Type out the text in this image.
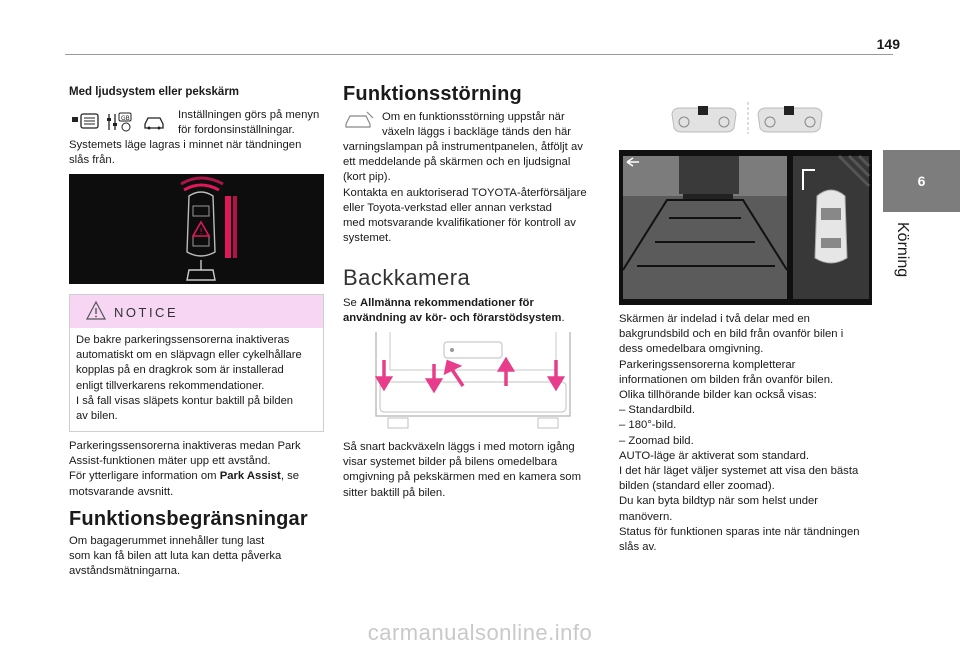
149
6
Körning
Med ljudsystem eller pekskärm
GB	Inställningen görs på menyn
för fordonsinställningar.
Systemets läge lagras i minnet när tändningen
slås från.
!
NOTICE
De bakre parkeringssensorerna inaktiveras
automatiskt om en släpvagn eller cykelhållare
kopplas på en dragkrok som är installerad
enligt tillverkarens rekommendationer.
I så fall visas släpets kontur baktill på bilden
av bilen.
Parkeringssensorerna inaktiveras medan Park
Assist-funktionen mäter upp ett avstånd.
För ytterligare information om Park Assist, se
motsvarande avsnitt.
Funktionsbegränsningar
Om bagagerummet innehåller tung last
som kan få bilen att luta kan detta påverka
avståndsmätningarna.
Funktionsstörning
Om en funktionsstörning uppstår när
växeln läggs i backläge tänds den här
varningslampan på instrumentpanelen, åtföljt av
ett meddelande på skärmen och en ljudsignal
(kort pip).
Kontakta en auktoriserad TOYOTA-återförsäljare
eller Toyota-verkstad eller annan verkstad
med motsvarande kvalifikationer för kontroll av
systemet.
Backkamera
Se Allmänna rekommendationer för
användning av kör- och förarstödsystem.
Så snart backväxeln läggs i med motorn igång
visar systemet bilder på bilens omedelbara
omgivning på pekskärmen med en kamera som
sitter baktill på bilen.
Skärmen är indelad i två delar med en
bakgrundsbild och en bild från ovanför bilen i
dess omedelbara omgivning.
Parkeringssensorerna kompletterar
informationen om bilden från ovanför bilen.
Olika tillhörande bilder kan också visas:
– Standardbild.
– 180°-bild.
– Zoomad bild.
AUTO-läge är aktiverat som standard.
I det här läget väljer systemet att visa den bästa
bilden (standard eller zoomad).
Du kan byta bildtyp när som helst under
manövern.
Status för funktionen sparas inte när tändningen
slås av.
carmanualsonline.info
